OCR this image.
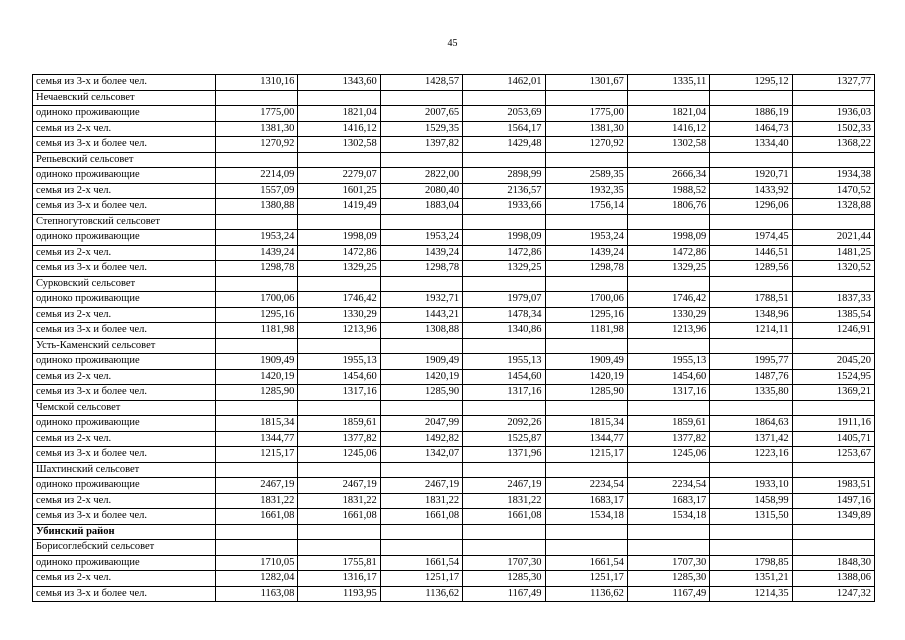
45
семья из 3-х и более чел.	1310,16	1343,60	1428,57	1462,01	1301,67	1335,11	1295,12	1327,77
Нечаевский сельсовет								
одиноко проживающие	1775,00	1821,04	2007,65	2053,69	1775,00	1821,04	1886,19	1936,03
семья из 2-х чел.	1381,30	1416,12	1529,35	1564,17	1381,30	1416,12	1464,73	1502,33
семья из 3-х и более чел.	1270,92	1302,58	1397,82	1429,48	1270,92	1302,58	1334,40	1368,22
Репьевский сельсовет								
одиноко проживающие	2214,09	2279,07	2822,00	2898,99	2589,35	2666,34	1920,71	1934,38
семья из 2-х чел.	1557,09	1601,25	2080,40	2136,57	1932,35	1988,52	1433,92	1470,52
семья из 3-х и более чел.	1380,88	1419,49	1883,04	1933,66	1756,14	1806,76	1296,06	1328,88
Степногутовский сельсовет								
одиноко проживающие	1953,24	1998,09	1953,24	1998,09	1953,24	1998,09	1974,45	2021,44
семья из 2-х чел.	1439,24	1472,86	1439,24	1472,86	1439,24	1472,86	1446,51	1481,25
семья из 3-х и более чел.	1298,78	1329,25	1298,78	1329,25	1298,78	1329,25	1289,56	1320,52
Сурковский сельсовет								
одиноко проживающие	1700,06	1746,42	1932,71	1979,07	1700,06	1746,42	1788,51	1837,33
семья из 2-х чел.	1295,16	1330,29	1443,21	1478,34	1295,16	1330,29	1348,96	1385,54
семья из 3-х и более чел.	1181,98	1213,96	1308,88	1340,86	1181,98	1213,96	1214,11	1246,91
Усть-Каменский сельсовет								
одиноко проживающие	1909,49	1955,13	1909,49	1955,13	1909,49	1955,13	1995,77	2045,20
семья из 2-х чел.	1420,19	1454,60	1420,19	1454,60	1420,19	1454,60	1487,76	1524,95
семья из 3-х и более чел.	1285,90	1317,16	1285,90	1317,16	1285,90	1317,16	1335,80	1369,21
Чемской сельсовет								
одиноко проживающие	1815,34	1859,61	2047,99	2092,26	1815,34	1859,61	1864,63	1911,16
семья из 2-х чел.	1344,77	1377,82	1492,82	1525,87	1344,77	1377,82	1371,42	1405,71
семья из 3-х и более чел.	1215,17	1245,06	1342,07	1371,96	1215,17	1245,06	1223,16	1253,67
Шахтинский сельсовет								
одиноко проживающие	2467,19	2467,19	2467,19	2467,19	2234,54	2234,54	1933,10	1983,51
семья из 2-х чел.	1831,22	1831,22	1831,22	1831,22	1683,17	1683,17	1458,99	1497,16
семья из 3-х и более чел.	1661,08	1661,08	1661,08	1661,08	1534,18	1534,18	1315,50	1349,89
Убинский район								
Борисоглебский сельсовет								
одиноко проживающие	1710,05	1755,81	1661,54	1707,30	1661,54	1707,30	1798,85	1848,30
семья из 2-х чел.	1282,04	1316,17	1251,17	1285,30	1251,17	1285,30	1351,21	1388,06
семья из 3-х и более чел.	1163,08	1193,95	1136,62	1167,49	1136,62	1167,49	1214,35	1247,32
